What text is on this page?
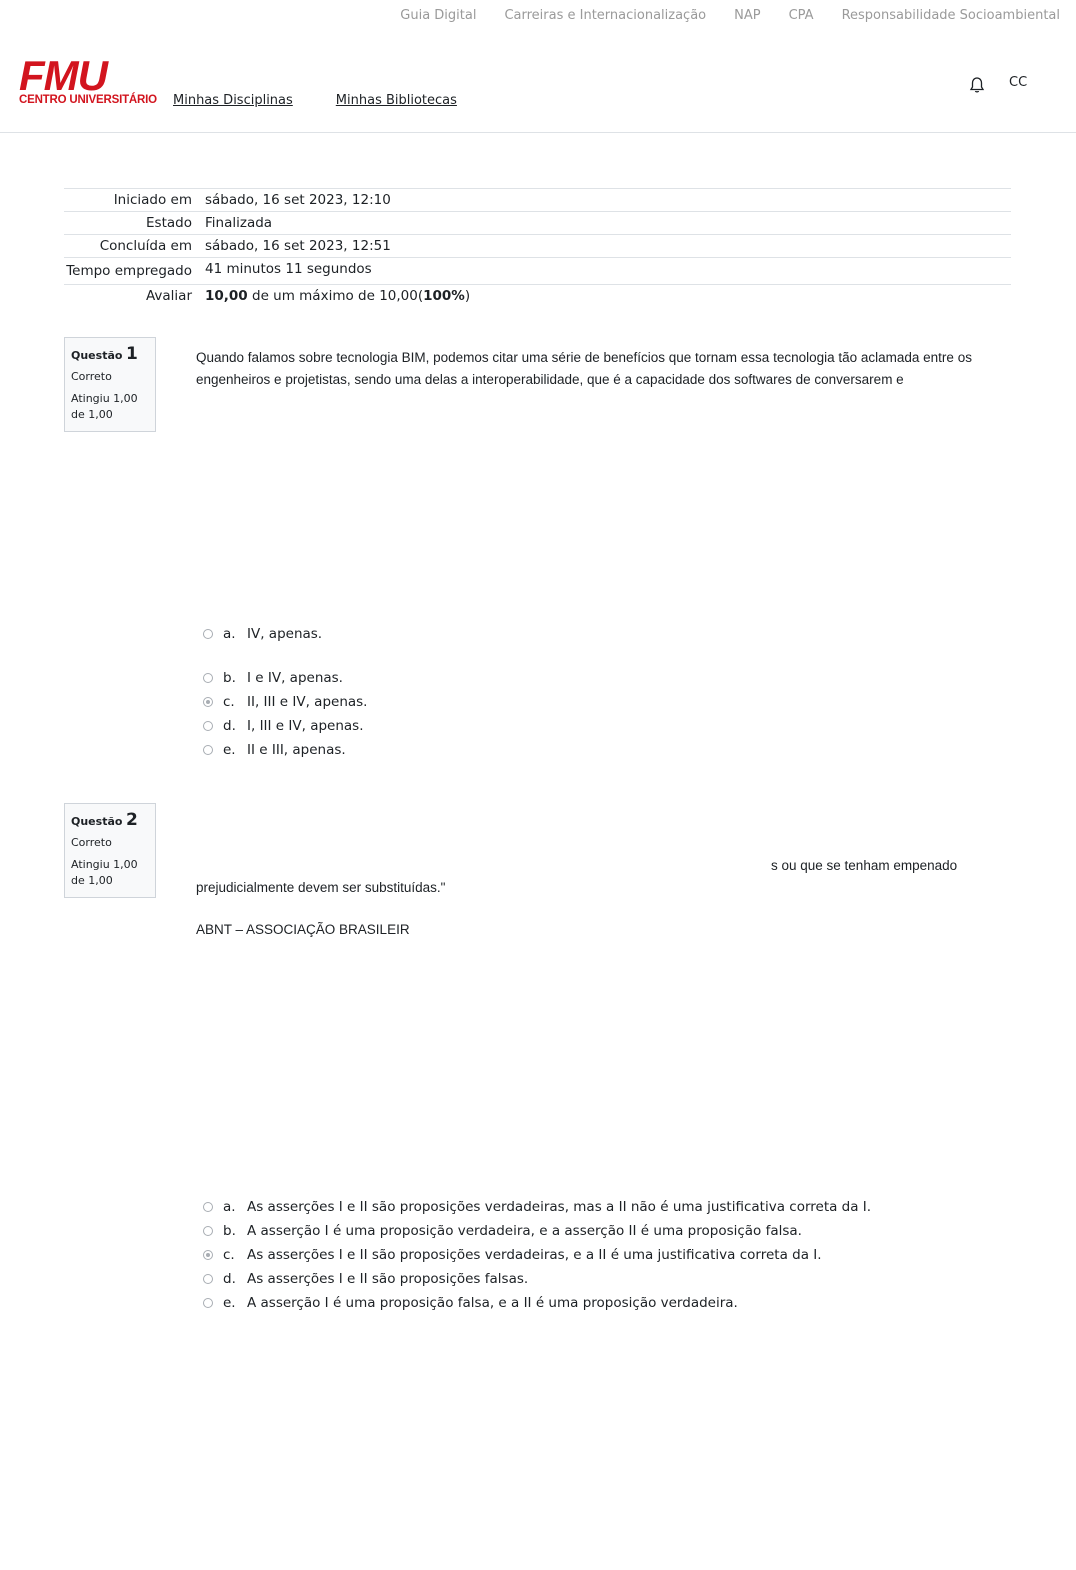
Guia Digital Carreiras e Internacionalização NAP CPA Responsabilidade Socioambiental
FMU
CENTRO UNIVERSITÁRIO Minhas Disciplinas	Minhas Bibliotecas
CC
Iniciado em	sábado, 16 set 2023, 12:10
Estado	Finalizada
Concluída em	sábado, 16 set 2023, 12:51
Tempo empregado	41 minutos 11 segundos
Avaliar	10,00 de um máximo de 10,00(100%)
Questão 1
Correto
Atingiu 1,00 de 1,00
Quando falamos sobre tecnologia BIM, podemos citar uma série de benefícios que tornam essa tecnologia tão aclamada entre os engenheiros e projetistas, sendo uma delas a interoperabilidade, que é a capacidade dos softwares de conversarem e
a. IV, apenas.
b. I e IV, apenas.
c. II, III e IV, apenas.
d. I, III e IV, apenas.
e. II e III, apenas.
Questão 2
Correto
Atingiu 1,00 de 1,00
s ou que se tenham empenado
prejudicialmente devem ser substituídas."
ABNT – ASSOCIAÇÃO BRASILEIR
a. As asserções I e II são proposições verdadeiras, mas a II não é uma justificativa correta da I.
b. A asserção I é uma proposição verdadeira, e a asserção II é uma proposição falsa.
c. As asserções I e II são proposições verdadeiras, e a II é uma justificativa correta da I.
d. As asserções I e II são proposições falsas.
e. A asserção I é uma proposição falsa, e a II é uma proposição verdadeira.
